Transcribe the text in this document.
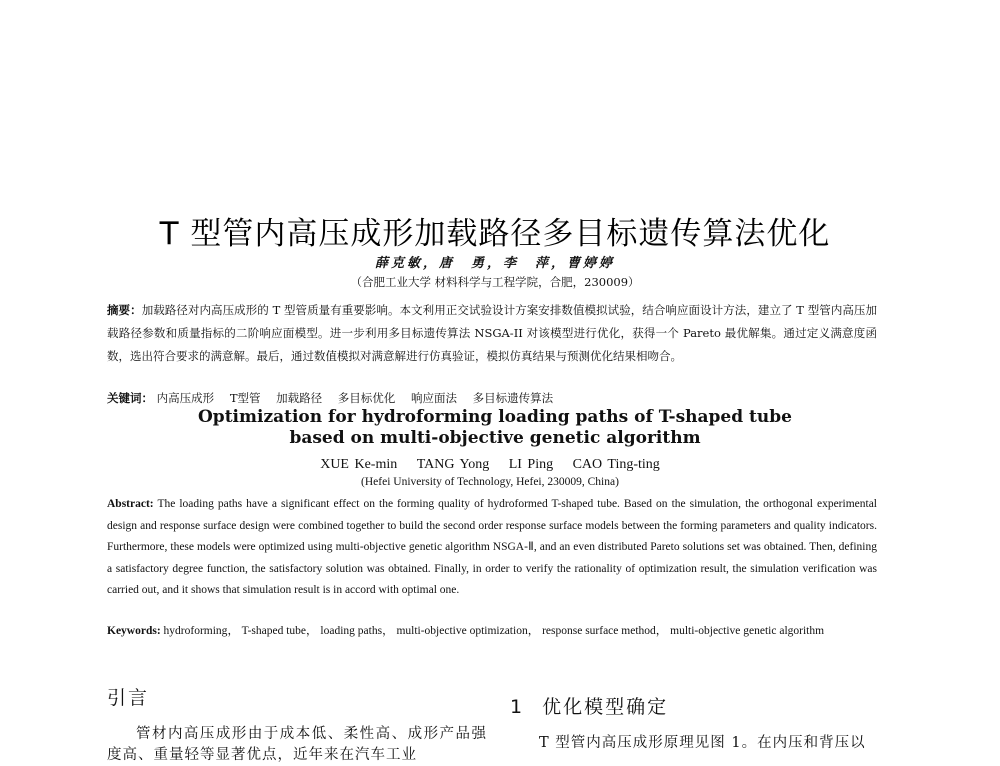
T 型管内高压成形加载路径多目标遗传算法优化
薛克敏，唐　勇，李　萍，曹婷婷
（合肥工业大学 材料科学与工程学院，合肥，230009）
摘要：加载路径对内高压成形的 T 型管质量有重要影响。本文利用正交试验设计方案安排数值模拟试验，结合响应面设计方法，建立了 T 型管内高压加载路径参数和质量指标的二阶响应面模型。进一步利用多目标遗传算法 NSGA-II 对该模型进行优化，获得一个 Pareto 最优解集。通过定义满意度函数，选出符合要求的满意解。最后，通过数值模拟对满意解进行仿真验证，模拟仿真结果与预测优化结果相吻合。
关键词： 内高压成形 T型管 加载路径 多目标优化 响应面法 多目标遗传算法
Optimization for hydroforming loading paths of T-shaped tube
based on multi-objective genetic algorithm
XUE Ke-min TANG Yong LI Ping CAO Ting-ting
(Hefei University of Technology, Hefei, 230009, China)
Abstract: The loading paths have a significant effect on the forming quality of hydroformed T-shaped tube. Based on the simulation, the orthogonal experimental design and response surface design were combined together to build the second order response surface models between the forming parameters and quality indicators. Furthermore, these models were optimized using multi-objective genetic algorithm NSGA-Ⅱ, and an even distributed Pareto solutions set was obtained. Then, defining a satisfactory degree function, the satisfactory solution was obtained. Finally, in order to verify the rationality of optimization result, the simulation verification was carried out, and it shows that simulation result is in accord with optimal one.
Keywords: hydroforming ， T-shaped tube ， loading paths ， multi-objective optimization ， response surface method ， multi-objective genetic algorithm
引言

管材内高压成形由于成本低、柔性高、成形产品强度高、重量轻等显著优点，近年来在汽车工业

1 优化模型确定

T 型管内高压成形原理见图 1。在内压和背压以
